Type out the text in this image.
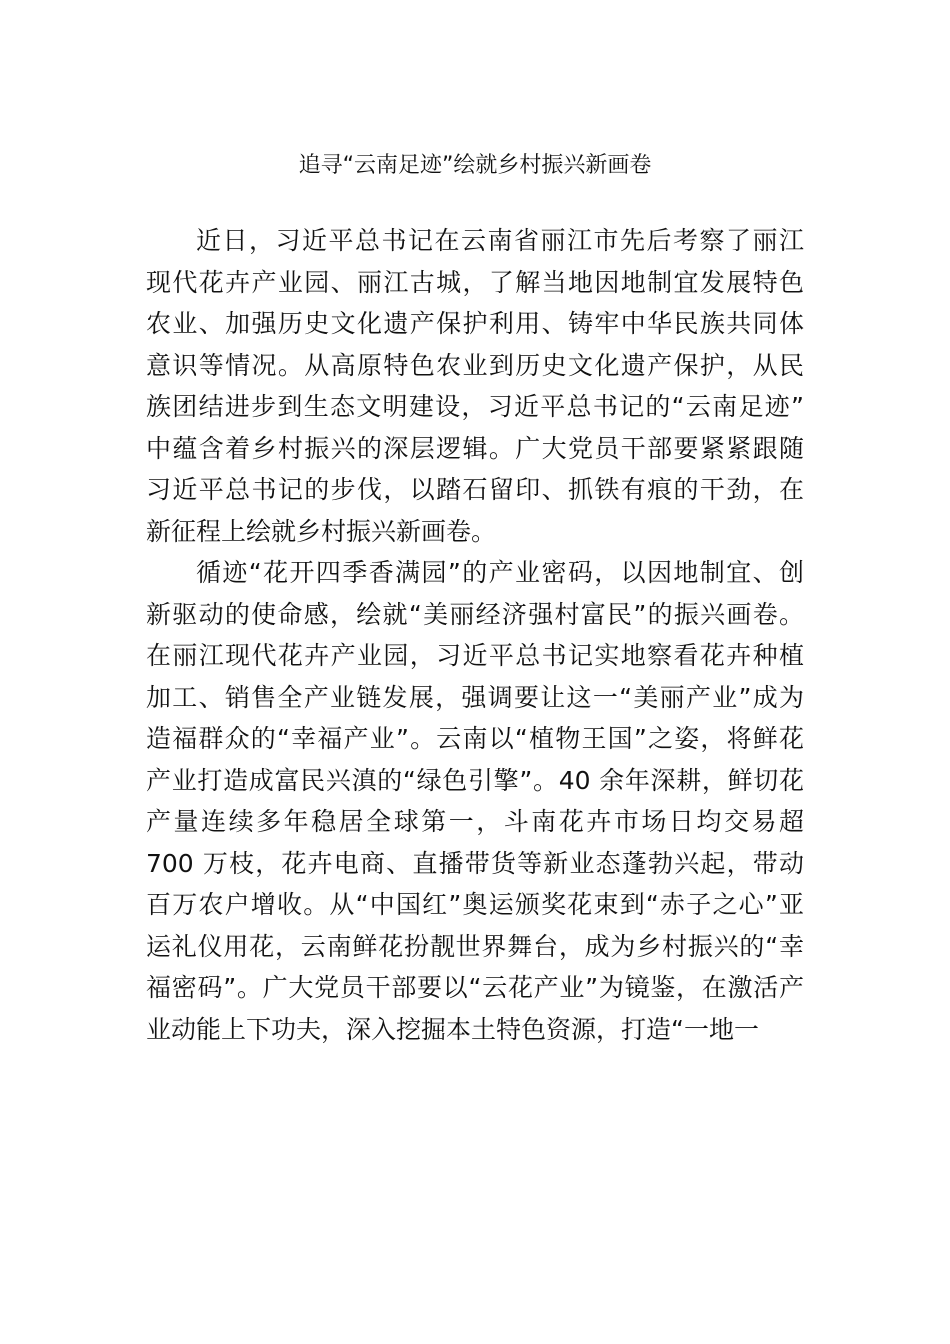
追寻“云南足迹”绘就乡村振兴新画卷
近日，习近平总书记在云南省丽江市先后考察了丽江
现代花卉产业园、丽江古城，了解当地因地制宜发展特色
农业、加强历史文化遗产保护利用、铸牢中华民族共同体
意识等情况。从高原特色农业到历史文化遗产保护，从民
族团结进步到生态文明建设，习近平总书记的“云南足迹”
中蕴含着乡村振兴的深层逻辑。广大党员干部要紧紧跟随
习近平总书记的步伐，以踏石留印、抓铁有痕的干劲，在
新征程上绘就乡村振兴新画卷。
循迹“花开四季香满园”的产业密码，以因地制宜、创
新驱动的使命感，绘就“美丽经济强村富民”的振兴画卷。
在丽江现代花卉产业园，习近平总书记实地察看花卉种植
加工、销售全产业链发展，强调要让这一“美丽产业”成为
造福群众的“幸福产业”。云南以“植物王国”之姿，将鲜花
产业打造成富民兴滇的“绿色引擎”。40 余年深耕，鲜切花
产量连续多年稳居全球第一，斗南花卉市场日均交易超
700 万枝，花卉电商、直播带货等新业态蓬勃兴起，带动
百万农户增收。从“中国红”奥运颁奖花束到“赤子之心”亚
运礼仪用花，云南鲜花扮靓世界舞台，成为乡村振兴的“幸
福密码”。广大党员干部要以“云花产业”为镜鉴，在激活产
业动能上下功夫，深入挖掘本土特色资源，打造“一地一
